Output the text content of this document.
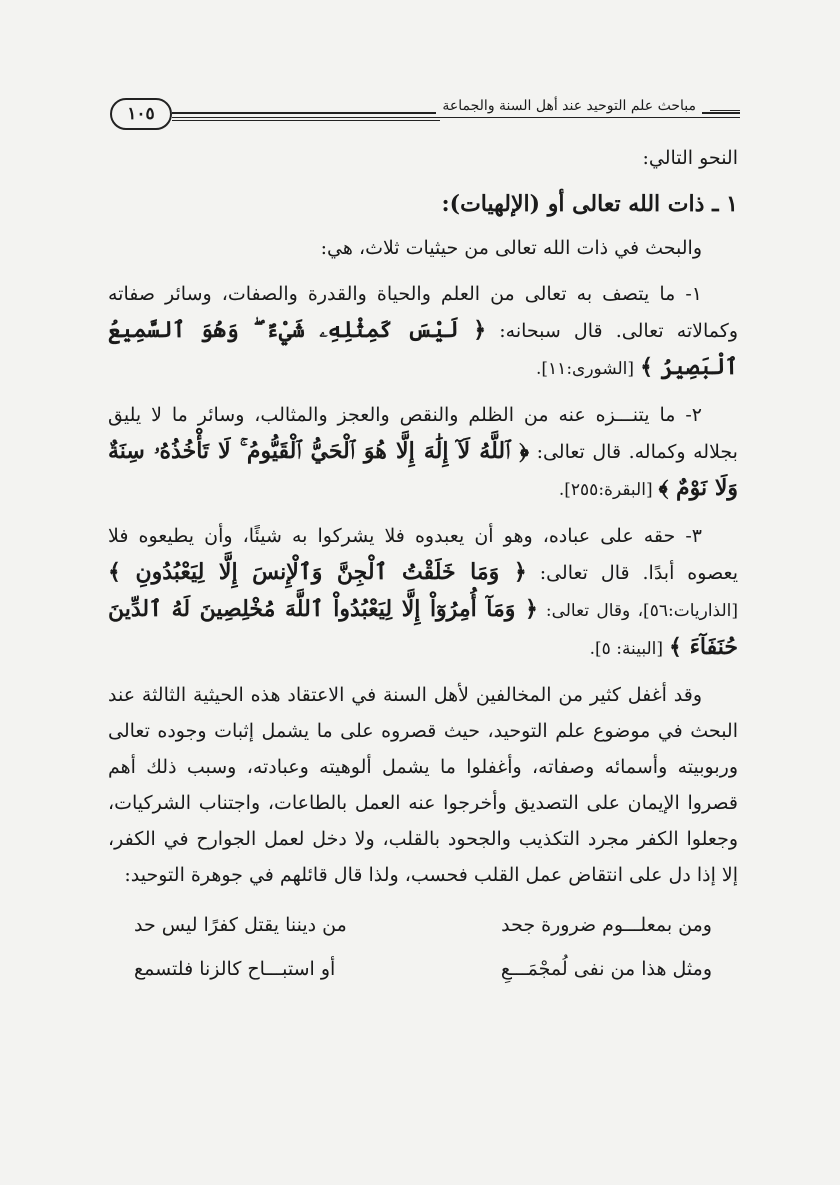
١٠٥	مباحث علم التوحيد عند أهل السنة والجماعة

النحو التالي:

١ ـ ذات الله تعالى أو (الإلهيات):

والبحث في ذات الله تعالى من حيثيات ثلاث، هي:

١- ما يتصف به تعالى من العلم والحياة والقدرة والصفات، وسائر صفاته وكمالاته تعالى. قال سبحانه: ﴿ لَيْسَ كَمِثْلِهِۦ شَيْءٌ ۖ وَهُوَ ٱلسَّمِيعُ ٱلْبَصِيرُ ﴾ [الشورى:١١].

٢- ما يتنـــزه عنه من الظلم والنقص والعجز والمثالب، وسائر ما لا يليق بجلاله وكماله. قال تعالى: ﴿ ٱللَّهُ لَآ إِلَٰهَ إِلَّا هُوَ ٱلْحَيُّ ٱلْقَيُّومُ ۚ لَا تَأْخُذُهُۥ سِنَةٌ وَلَا نَوْمٌ ﴾ [البقرة:٢٥٥].

٣- حقه على عباده، وهو أن يعبدوه فلا يشركوا به شيئًا، وأن يطيعوه فلا يعصوه أبدًا. قال تعالى: ﴿ وَمَا خَلَقْتُ ٱلْجِنَّ وَٱلْإِنسَ إِلَّا لِيَعْبُدُونِ ﴾ [الذاريات:٥٦]، وقال تعالى: ﴿ وَمَآ أُمِرُوٓاْ إِلَّا لِيَعْبُدُواْ ٱللَّهَ مُخْلِصِينَ لَهُ ٱلدِّينَ حُنَفَآءَ ﴾ [البينة: ٥].

وقد أغفل كثير من المخالفين لأهل السنة في الاعتقاد هذه الحيثية الثالثة عند البحث في موضوع علم التوحيد، حيث قصروه على ما يشمل إثبات وجوده تعالى وربوبيته وأسمائه وصفاته، وأغفلوا ما يشمل ألوهيته وعبادته، وسبب ذلك أهم قصروا الإيمان على التصديق وأخرجوا عنه العمل بالطاعات، واجتناب الشركيات، وجعلوا الكفر مجرد التكذيب والجحود بالقلب، ولا دخل لعمل الجوارح في الكفر، إلا إذا دل على انتقاض عمل القلب فحسب، ولذا قال قائلهم في جوهرة التوحيد:

ومن بمعلـــوم ضرورة جحد
من ديننا يقتل كفرًا ليس حد
ومثل هذا من نفى لُمجْمَـــعِ
أو استبـــاح كالزنا فلتسمع
